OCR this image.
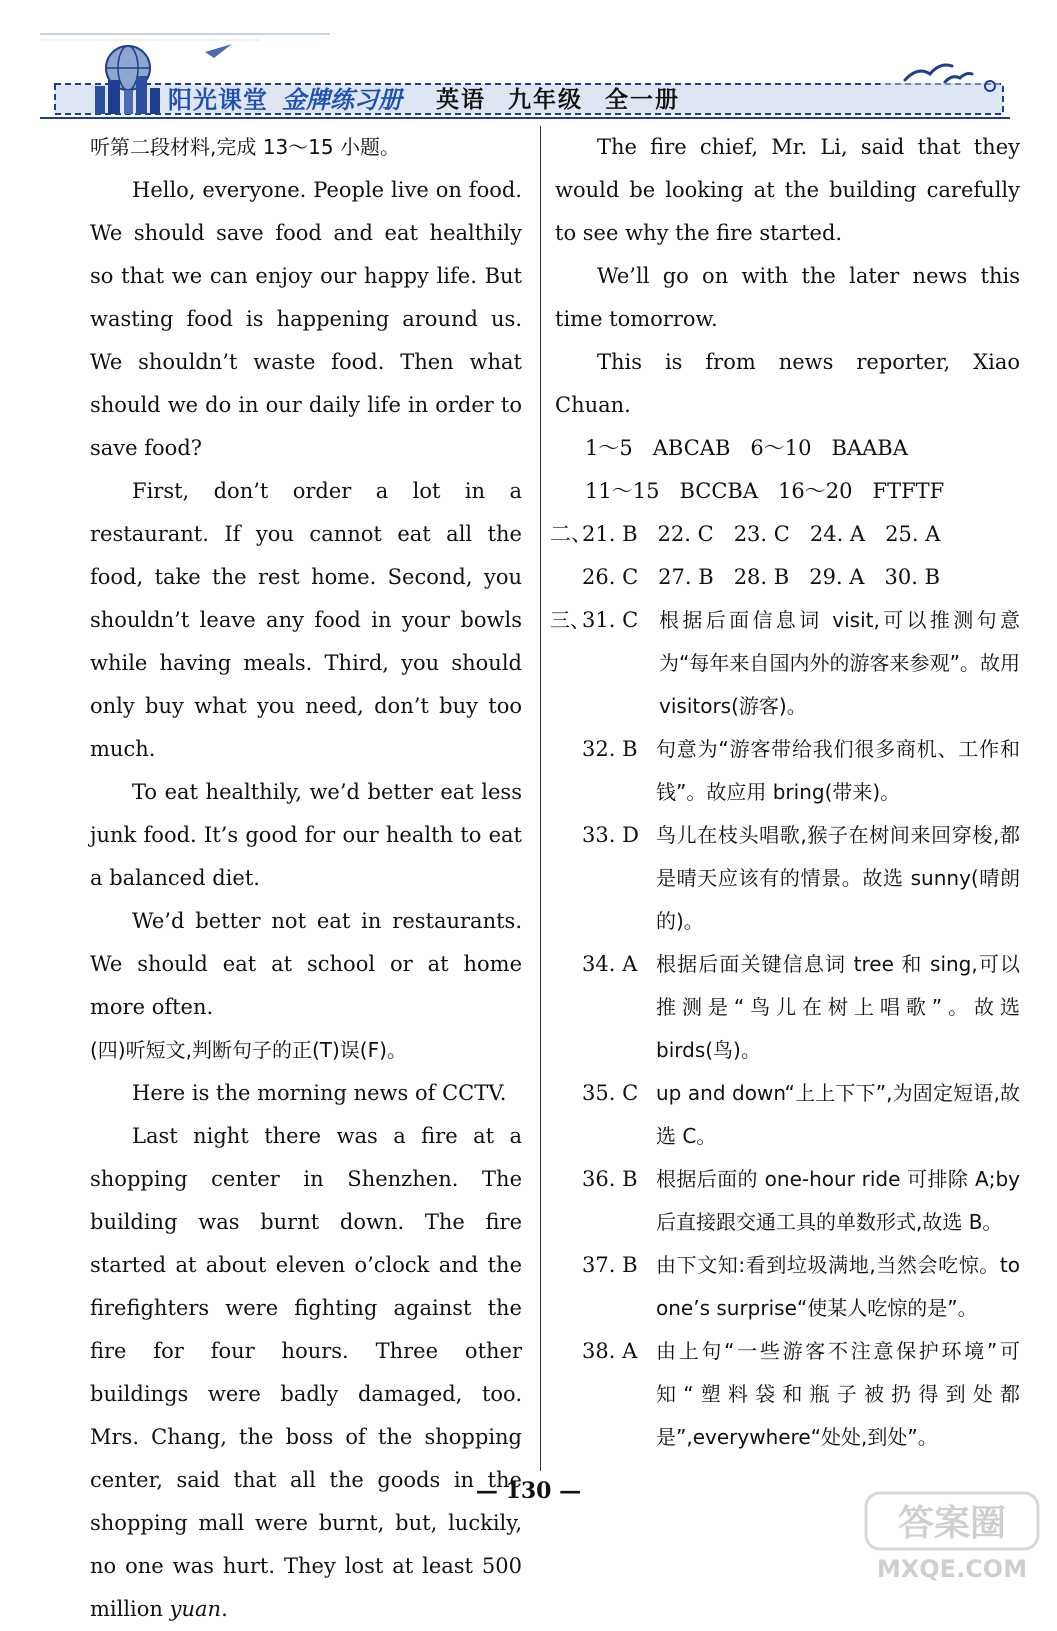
阳光课堂 金牌练习册 英语 九年级 全一册

听第二段材料,完成 13～15 小题。

Hello, everyone. People live on food. We should save food and eat healthily so that we can enjoy our happy life. But wasting food is happening around us. We shouldn’t waste food. Then what should we do in our daily life in order to save food?

First, don’t order a lot in a restaurant. If you cannot eat all the food, take the rest home. Second, you shouldn’t leave any food in your bowls while having meals. Third, you should only buy what you need, don’t buy too much.

To eat healthily, we’d better eat less junk food. It’s good for our health to eat a balanced diet.

We’d better not eat in restaurants. We should eat at school or at home more often.

(四)听短文,判断句子的正(T)误(F)。

Here is the morning news of CCTV.

Last night there was a fire at a shopping center in Shenzhen. The building was burnt down. The fire started at about eleven o’clock and the firefighters were fighting against the fire for four hours. Three other buildings were badly damaged, too. Mrs. Chang, the boss of the shopping center, said that all the goods in the shopping mall were burnt, but, luckily, no one was hurt. They lost at least 500 million yuan.

The fire chief, Mr. Li, said that they would be looking at the building carefully to see why the fire started.

We’ll go on with the later news this time tomorrow.

This is from news reporter, Xiao Chuan.

1～5   ABCAB   6～10   BAABA

11～15   BCCBA   16～20   FTFTF

二、
21. B   22. C   23. C   24. A   25. A

26. C   27. B   28. B   29. A   30. B

三、
31. C	根据后面信息词 visit,可以推测句意为“每年来自国内外的游客来参观”。故用 visitors(游客)。
32. B 句意为“游客带给我们很多商机、工作和钱”。故应用 bring(带来)。
33. D 鸟儿在枝头唱歌,猴子在树间来回穿梭,都是晴天应该有的情景。故选 sunny(晴朗的)。
34. A 根据后面关键信息词 tree 和 sing,可以推测是“鸟儿在树上唱歌”。故选 birds(鸟)。
35. C up and down“上上下下”,为固定短语,故选 C。
36. B 根据后面的 one-hour ride 可排除 A;by 后直接跟交通工具的单数形式,故选 B。
37. B 由下文知:看到垃圾满地,当然会吃惊。to one’s surprise“使某人吃惊的是”。
38. A 由上句“一些游客不注意保护环境”可知“塑料袋和瓶子被扔得到处都是”,everywhere“处处,到处”。
— 130 —
答案圈
MXQE.COM
